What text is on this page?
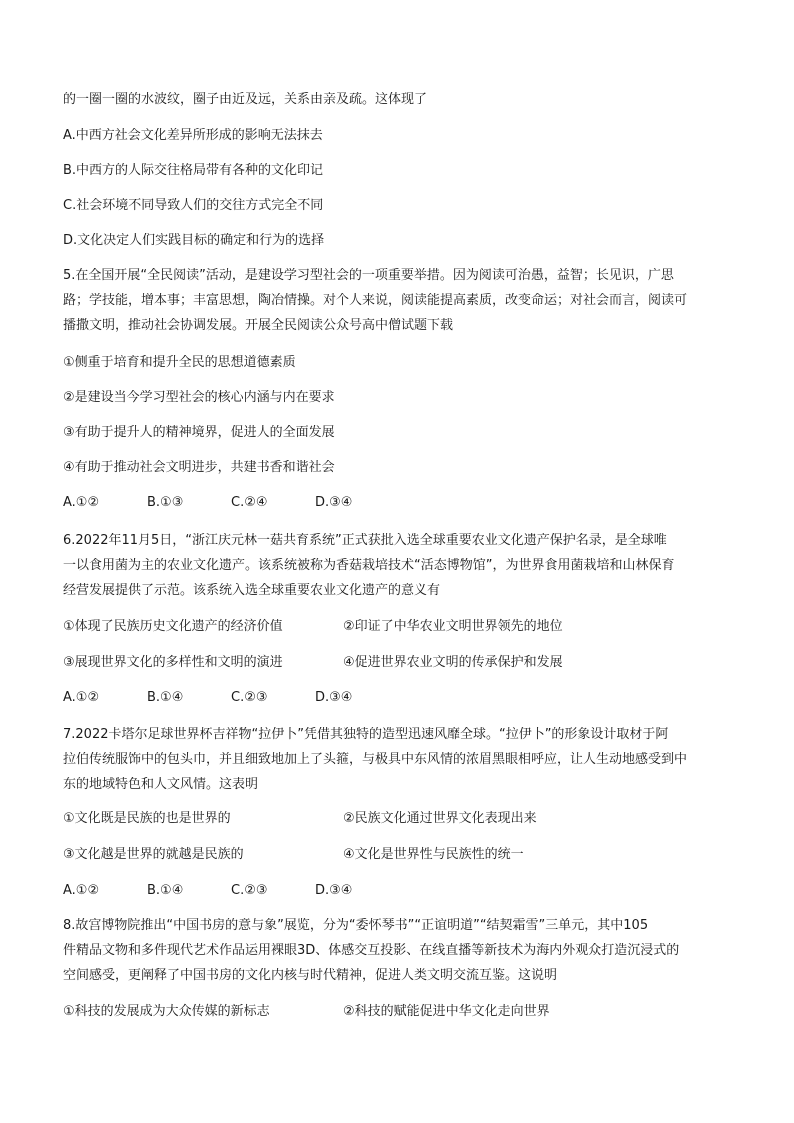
的一圈一圈的水波纹，圈子由近及远，关系由亲及疏。这体现了
A.中西方社会文化差异所形成的影响无法抹去
B.中西方的人际交往格局带有各种的文化印记
C.社会环境不同导致人们的交往方式完全不同
D.文化决定人们实践目标的确定和行为的选择
5.在全国开展“全民阅读”活动，是建设学习型社会的一项重要举措。因为阅读可治愚，益智；长见识，广思
路；学技能，增本事；丰富思想，陶冶情操。对个人来说，阅读能提高素质，改变命运；对社会而言，阅读可
播撒文明，推动社会协调发展。开展全民阅读公众号高中僧试题下载
①侧重于培育和提升全民的思想道德素质
②是建设当今学习型社会的核心内涵与内在要求
③有助于提升人的精神境界，促进人的全面发展
④有助于推动社会文明进步，共建书香和谐社会
A.①②	B.①③	C.②④	D.③④
6.2022年11月5日，“浙江庆元林一菇共育系统”正式获批入选全球重要农业文化遗产保护名录，是全球唯
一以食用菌为主的农业文化遗产。该系统被称为香菇栽培技术“活态博物馆”，为世界食用菌栽培和山林保育
经营发展提供了示范。该系统入选全球重要农业文化遗产的意义有
①体现了民族历史文化遗产的经济价值	②印证了中华农业文明世界领先的地位
③展现世界文化的多样性和文明的演进	④促进世界农业文明的传承保护和发展
A.①②	B.①④	C.②③	D.③④
7.2022卡塔尔足球世界杯吉祥物“拉伊卜”凭借其独特的造型迅速风靡全球。“拉伊卜”的形象设计取材于阿
拉伯传统服饰中的包头巾，并且细致地加上了头箍，与极具中东风情的浓眉黑眼相呼应，让人生动地感受到中
东的地域特色和人文风情。这表明
①文化既是民族的也是世界的	②民族文化通过世界文化表现出来
③文化越是世界的就越是民族的	④文化是世界性与民族性的统一
A.①②	B.①④	C.②③	D.③④
8.故宫博物院推出“中国书房的意与象”展览，分为“委怀琴书”“正谊明道”“结契霜雪”三单元，其中105
件精品文物和多件现代艺术作品运用裸眼3D、体感交互投影、在线直播等新技术为海内外观众打造沉浸式的
空间感受，更阐释了中国书房的文化内核与时代精神，促进人类文明交流互鉴。这说明
①科技的发展成为大众传媒的新标志	②科技的赋能促进中华文化走向世界
